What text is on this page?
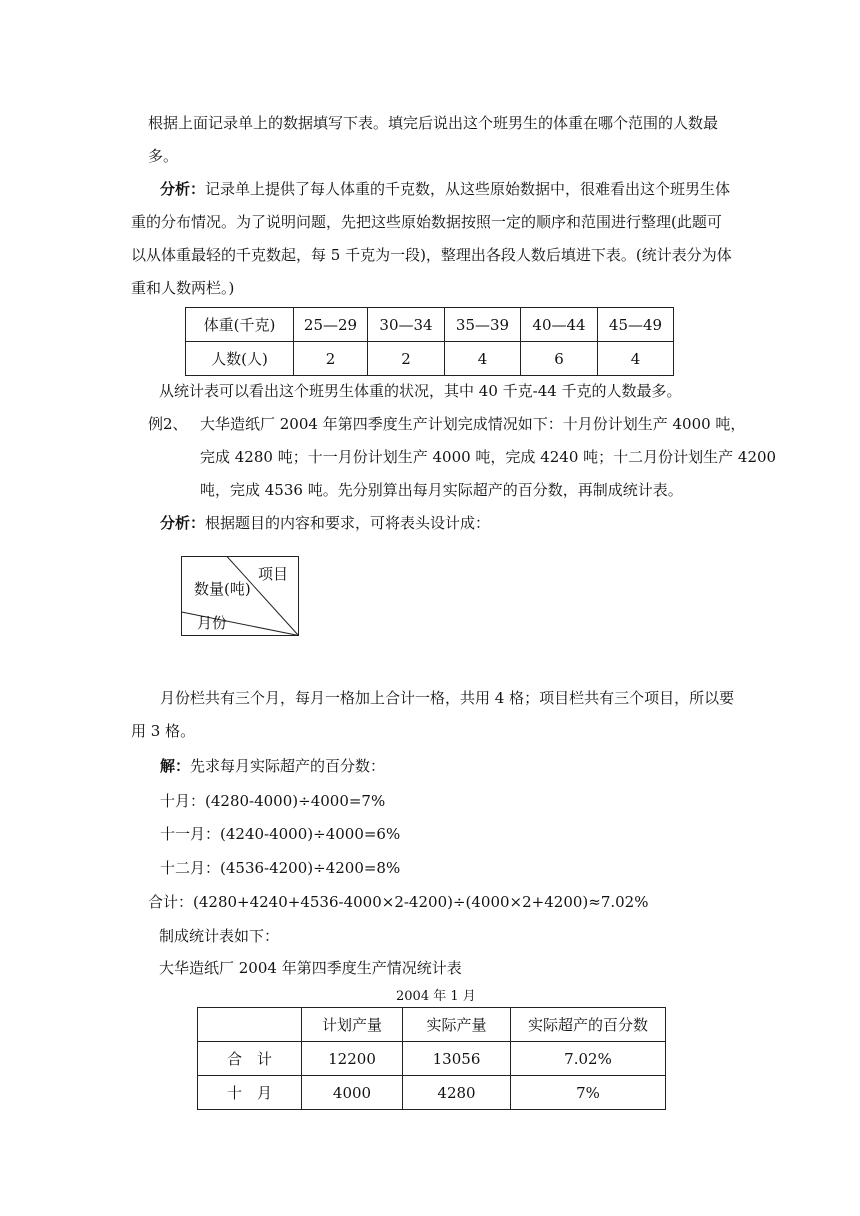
根据上面记录单上的数据填写下表。填完后说出这个班男生的体重在哪个范围的人数最
多。
分析：记录单上提供了每人体重的千克数，从这些原始数据中，很难看出这个班男生体
重的分布情况。为了说明问题，先把这些原始数据按照一定的顺序和范围进行整理(此题可
以从体重最轻的千克数起，每 5 千克为一段)，整理出各段人数后填进下表。(统计表分为体
重和人数两栏。)
体重(千克)	25—29	30—34	35—39	40—44	45—49
人数(人)	2	2	4	6	4
从统计表可以看出这个班男生体重的状况，其中 40 千克-44 千克的人数最多。
例2、 大华造纸厂 2004 年第四季度生产计划完成情况如下：十月份计划生产 4000 吨，
完成 4280 吨；十一月份计划生产 4000 吨，完成 4240 吨；十二月份计划生产 4200
吨，完成 4536 吨。先分别算出每月实际超产的百分数，再制成统计表。
分析：根据题目的内容和要求，可将表头设计成：
项目
数量(吨)
月份
月份栏共有三个月，每月一格加上合计一格，共用 4 格；项目栏共有三个项目，所以要
用 3 格。
解：先求每月实际超产的百分数：
十月：(4280-4000)÷4000=7%
十一月：(4240-4000)÷4000=6%
十二月：(4536-4200)÷4200=8%
合计：(4280+4240+4536-4000×2-4200)÷(4000×2+4200)≈7.02%
制成统计表如下：
大华造纸厂 2004 年第四季度生产情况统计表
2004 年 1 月
	计划产量	实际产量	实际超产的百分数
合　计	12200	13056	7.02%
十　月	4000	4280	7%
